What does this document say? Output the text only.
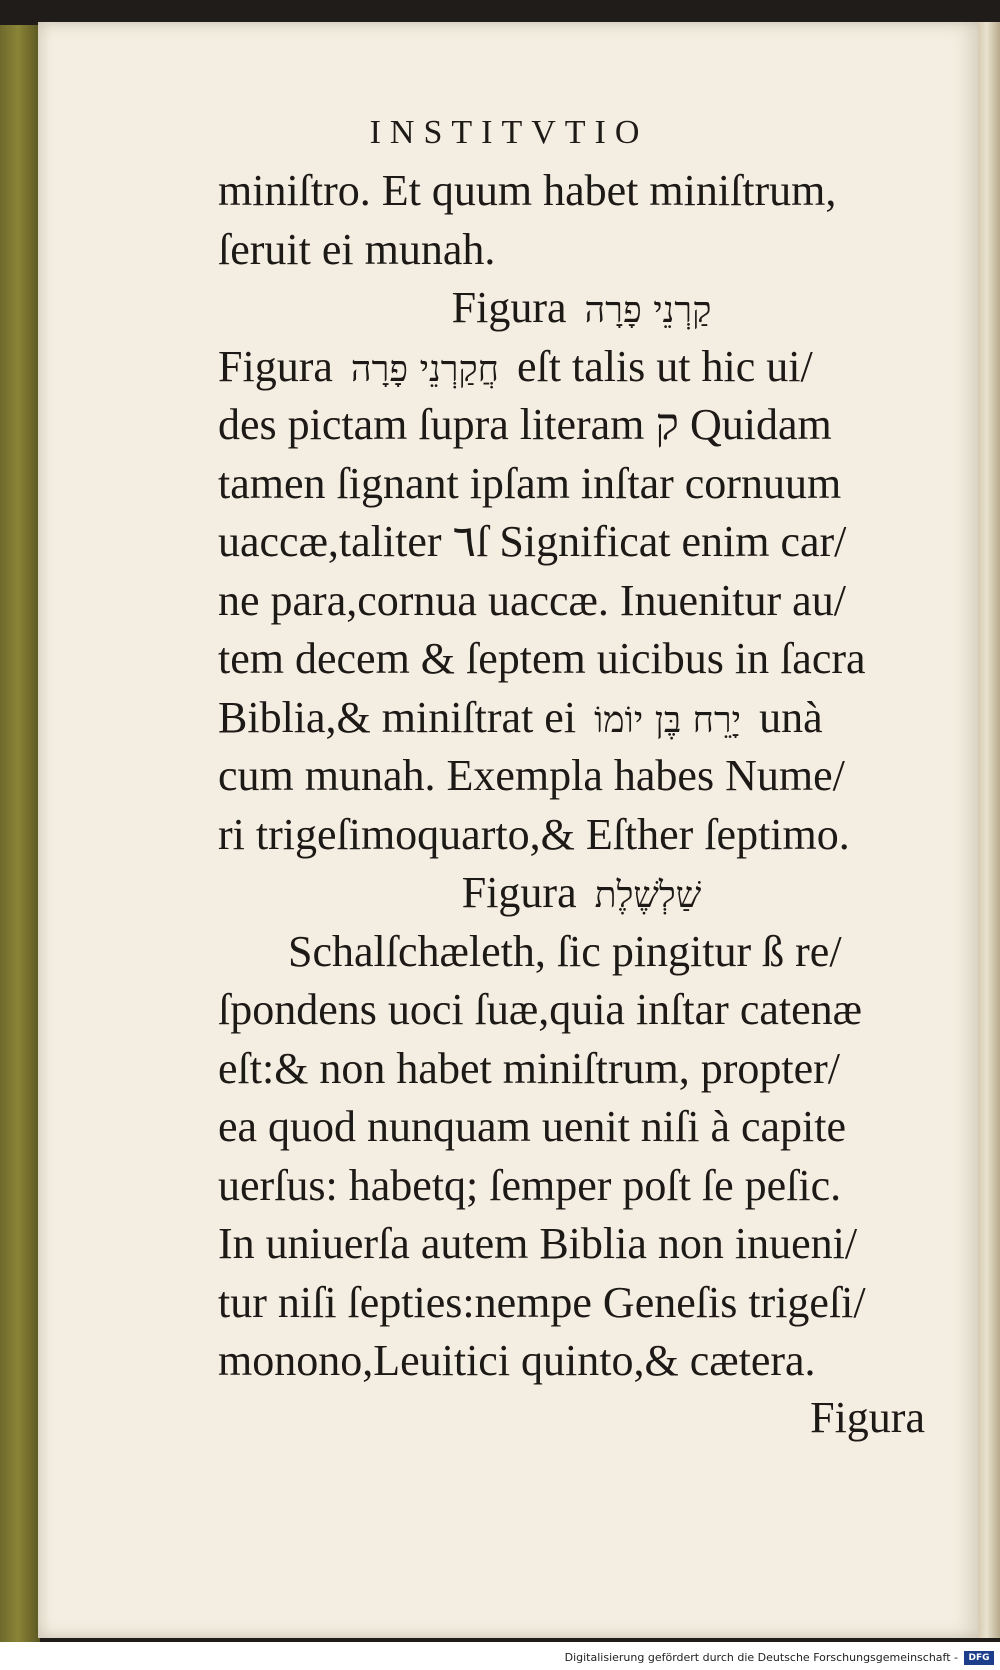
INSTITVTIO
miniſtro. Et quum habet miniſtrum,
ſeruit ei munah.
Figura קַרְנֵי פָרָה
Figura חֲקַרְנֵי פָרָה eſt talis ut hic ui/
des pictam ſupra literam ק Quidam
tamen ſignant ipſam inſtar cornuum
uaccæ,taliter ٦ſ Significat enim car/
ne para,cornua uaccæ. Inuenitur au/
tem decem & ſeptem uicibus in ſacra
Biblia,& miniſtrat ei יָרֵח בֶּן יוֹמוֹ unà
cum munah. Exempla habes Nume/
ri trigeſimoquarto,& Eſther ſeptimo.
Figura שַׁלְשֶׁלֶת
Schalſchæleth, ſic pingitur ß re/
ſpondens uoci ſuæ,quia inſtar catenæ
eſt:& non habet miniſtrum, propter/
ea quod nunquam uenit niſi à capite
uerſus: habetq; ſemper poſt ſe peſic.
In uniuerſa autem Biblia non inueni/
tur niſi ſepties:nempe Geneſis trigeſi/
monono,Leuitici quinto,& cætera.
Figura
Digitalisierung gefördert durch die Deutsche Forschungsgemeinschaft -	DFG
